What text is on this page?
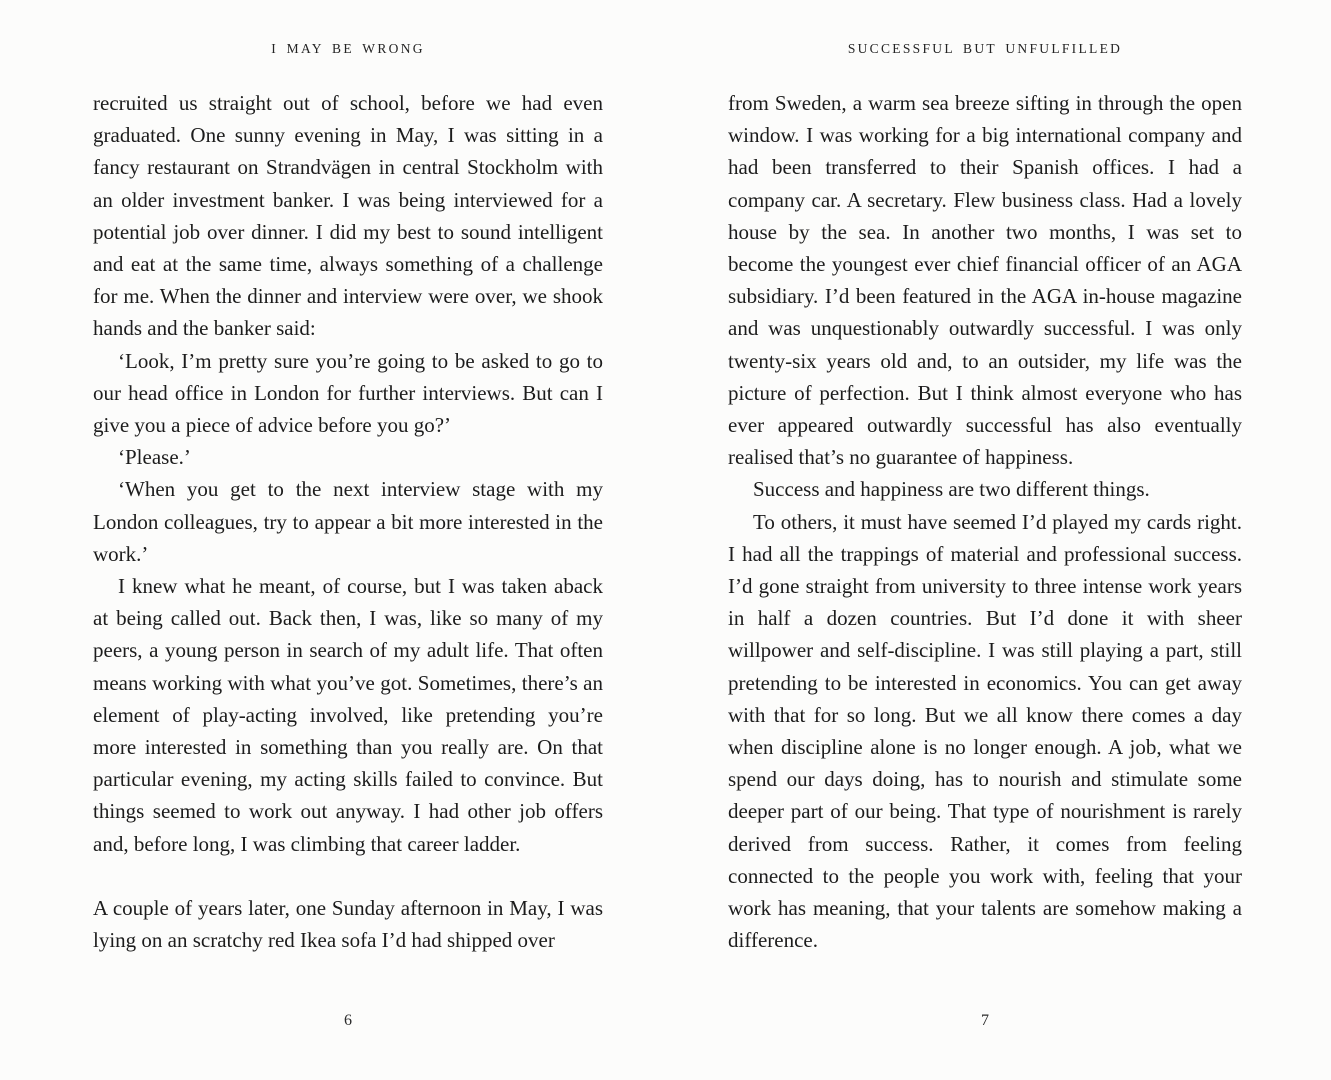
I MAY BE WRONG

recruited us straight out of school, before we had even graduated. One sunny evening in May, I was sitting in a fancy restaurant on Strandvägen in central Stockholm with an older investment banker. I was being interviewed for a potential job over dinner. I did my best to sound intelligent and eat at the same time, always something of a challenge for me. When the dinner and interview were over, we shook hands and the banker said:

‘Look, I’m pretty sure you’re going to be asked to go to our head office in London for further interviews. But can I give you a piece of advice before you go?’

‘Please.’

‘When you get to the next interview stage with my London colleagues, try to appear a bit more interested in the work.’

I knew what he meant, of course, but I was taken aback at being called out. Back then, I was, like so many of my peers, a young person in search of my adult life. That often means working with what you’ve got. Sometimes, there’s an element of play-acting involved, like pretending you’re more interested in something than you really are. On that particular evening, my acting skills failed to convince. But things seemed to work out anyway. I had other job offers and, before long, I was climbing that career ladder.

A couple of years later, one Sunday afternoon in May, I was lying on an scratchy red Ikea sofa I’d had shipped over

6
SUCCESSFUL BUT UNFULFILLED

from Sweden, a warm sea breeze sifting in through the open window. I was working for a big international company and had been transferred to their Spanish offices. I had a company car. A secretary. Flew business class. Had a lovely house by the sea. In another two months, I was set to become the youngest ever chief financial officer of an AGA subsidiary. I’d been featured in the AGA in-house magazine and was unquestionably outwardly successful. I was only twenty-six years old and, to an outsider, my life was the picture of perfection. But I think almost everyone who has ever appeared outwardly successful has also eventually realised that’s no guarantee of happiness.

Success and happiness are two different things.

To others, it must have seemed I’d played my cards right. I had all the trappings of material and professional success. I’d gone straight from university to three intense work years in half a dozen countries. But I’d done it with sheer willpower and self-discipline. I was still playing a part, still pretending to be interested in economics. You can get away with that for so long. But we all know there comes a day when discipline alone is no longer enough. A job, what we spend our days doing, has to nourish and stimulate some deeper part of our being. That type of nourishment is rarely derived from success. Rather, it comes from feeling connected to the people you work with, feeling that your work has meaning, that your talents are somehow making a difference.

7
